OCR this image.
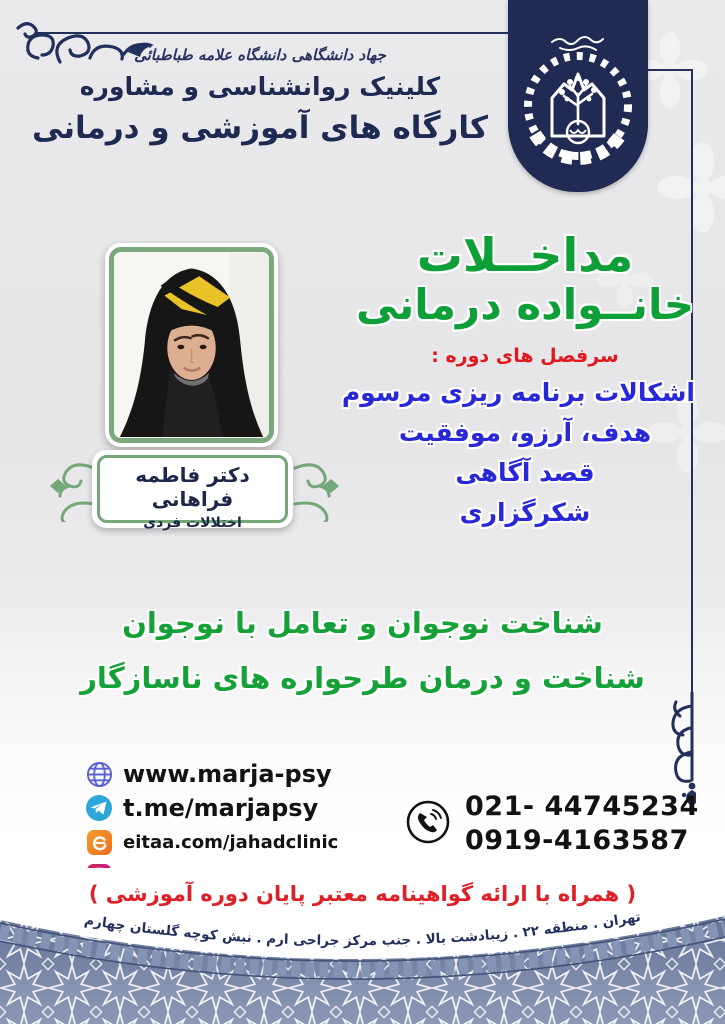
جهاد دانشگاهی دانشگاه علامه طباطبائی
کلینیک روانشناسی و مشاوره
کارگاه های آموزشی و درمانی
دکتر فاطمه فراهانی
اختلالات فردی
مداخــلات
خانــواده درمانی
سرفصل های دوره :
اشکالات برنامه ریزی مرسوم
هدف، آرزو، موفقیت
قصد آگاهی
شکرگزاری
شناخت نوجوان و تعامل با نوجوان
شناخت و درمان طرحواره های ناسازگار
www.marja-psy
t.me/marjapsy
eitaa.com/jahadclinic
021- 44745234
0919-4163587
( همراه با ارائه گواهینامه معتبر پایان دوره آموزشی )
تهران . منطقه ۲۲ . زیبادشت بالا . جنب مرکز جراحی ارم . نبش کوچه گلستان چهارم
